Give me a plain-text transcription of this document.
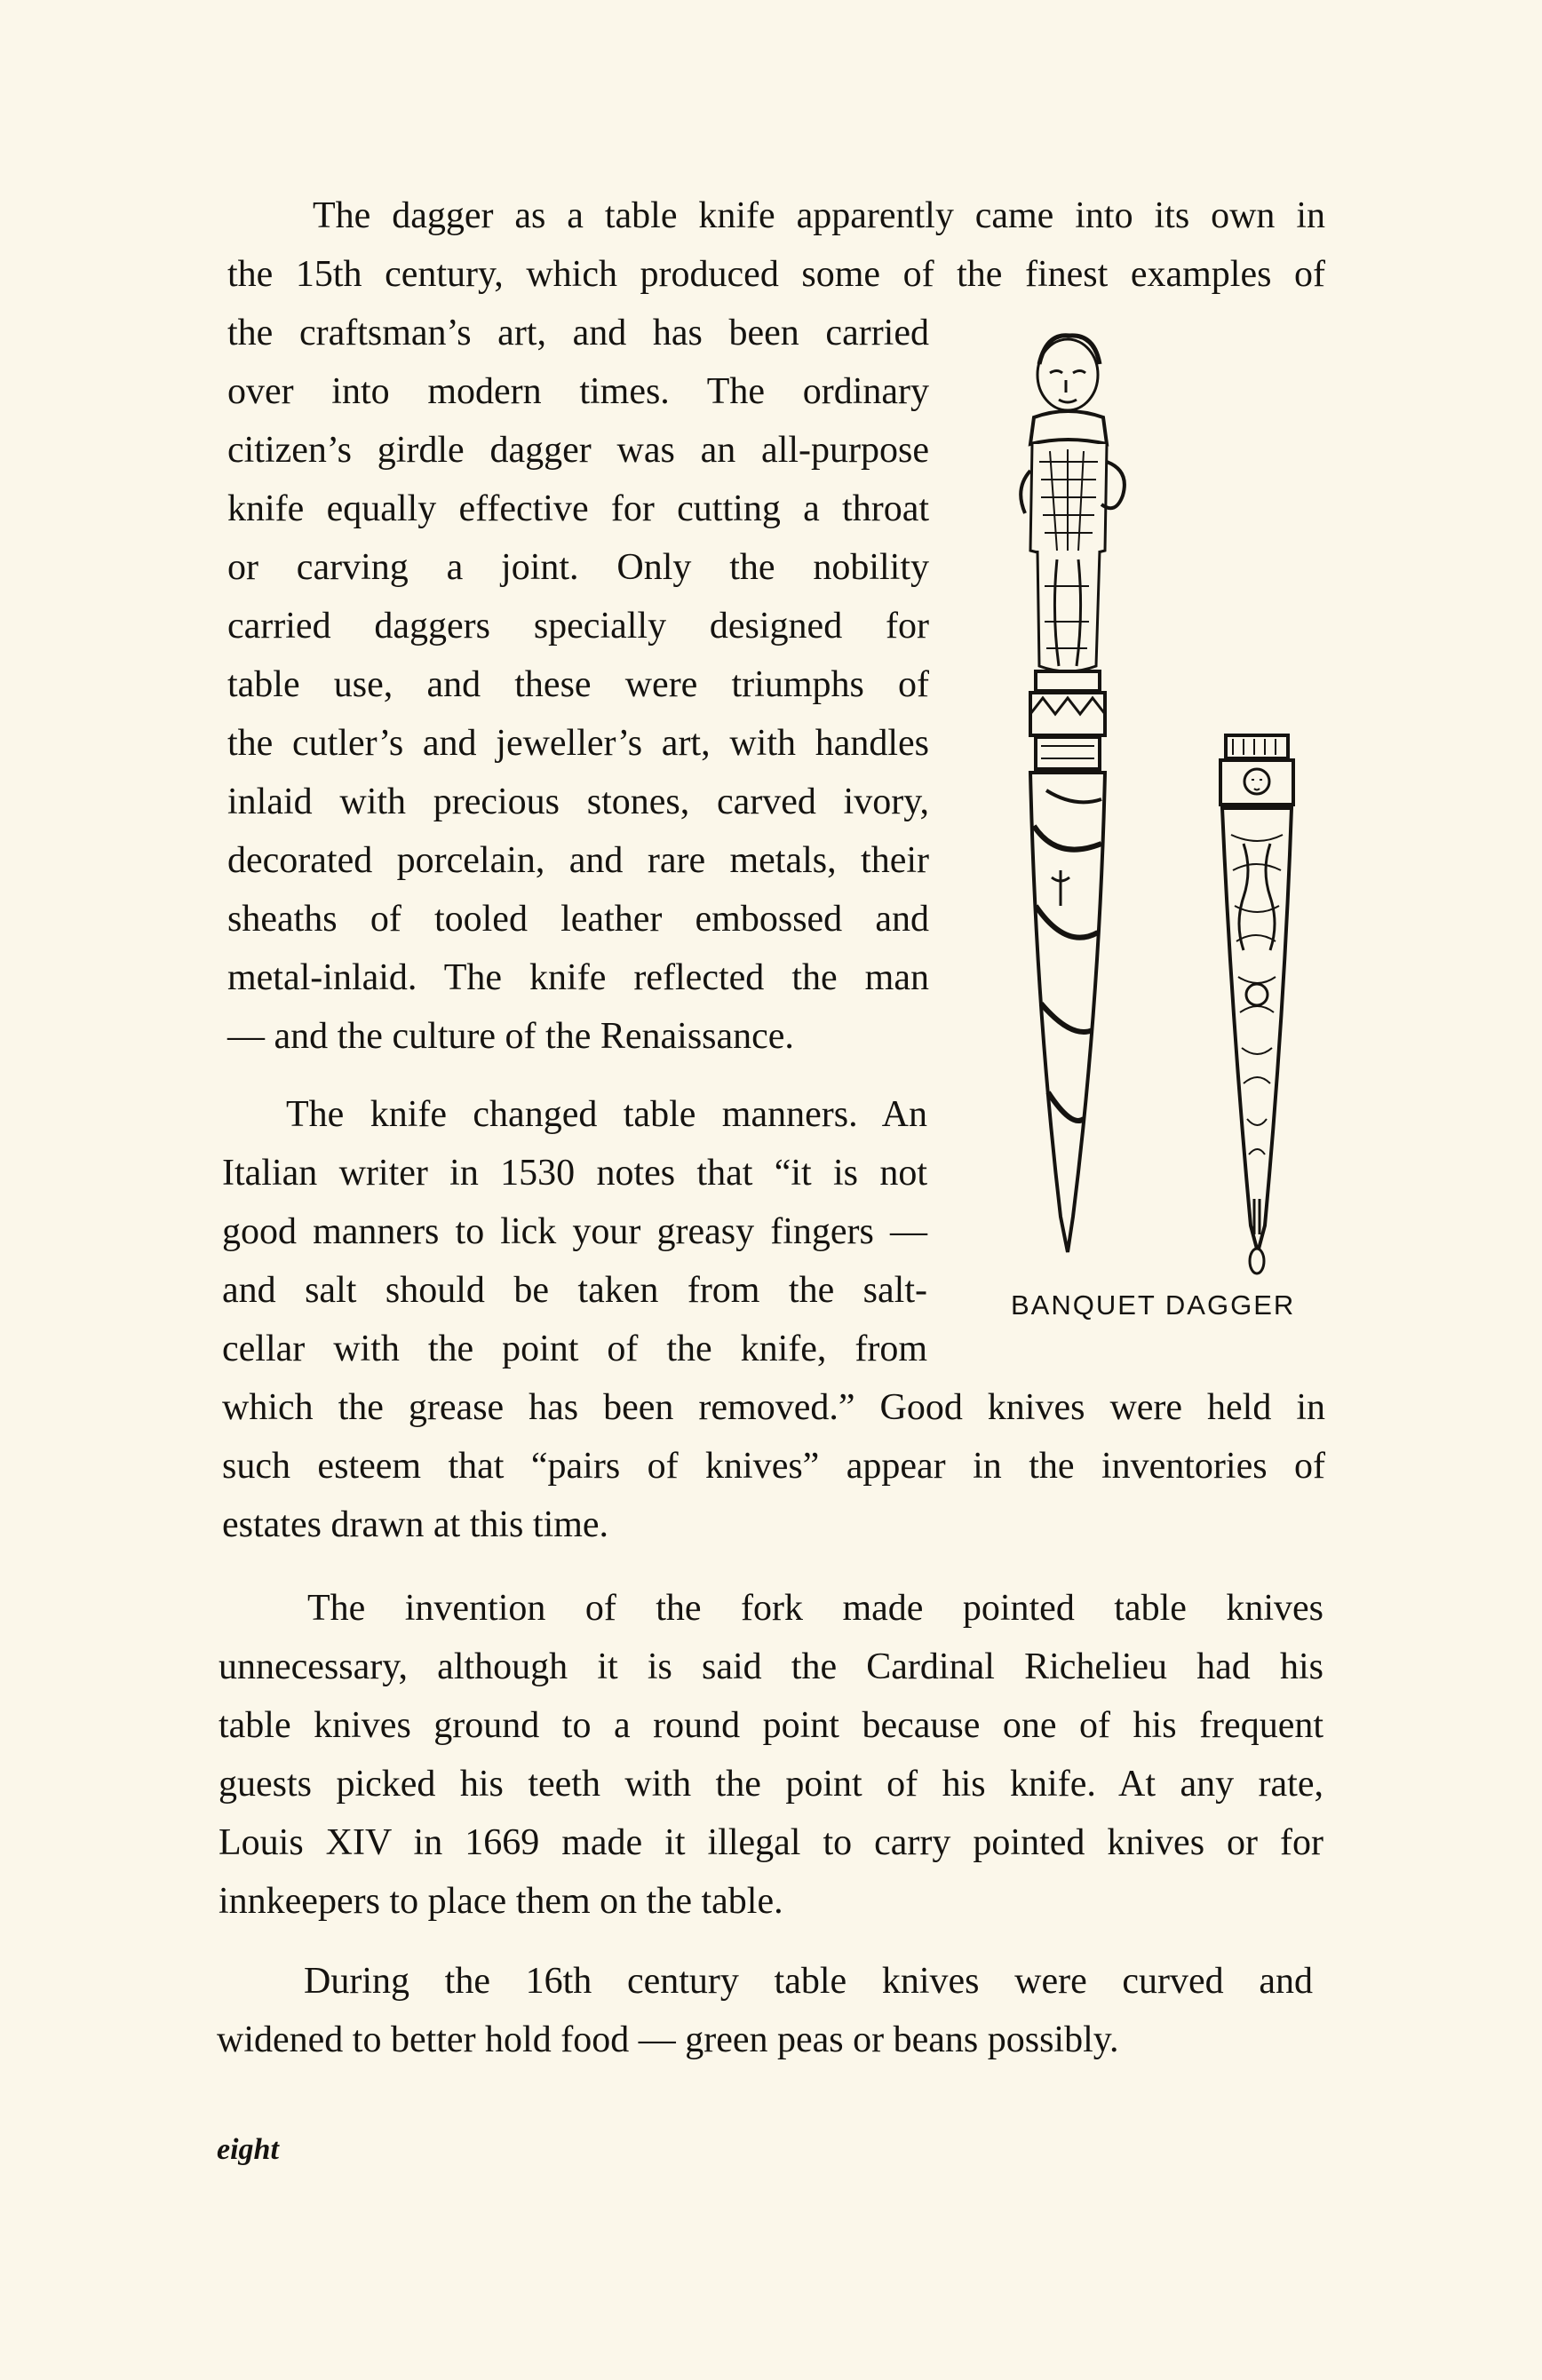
The dagger as a table knife apparently came into its own in
the 15th century, which produced some of the finest examples of
the craftsman’s art, and has been carried
over into modern times. The ordinary
citizen’s girdle dagger was an all-purpose
knife equally effective for cutting a throat
or carving a joint. Only the nobility
carried daggers specially designed for
table use, and these were triumphs of
the cutler’s and jeweller’s art, with handles
inlaid with precious stones, carved ivory,
decorated porcelain, and rare metals, their
sheaths of tooled leather embossed and
metal-inlaid. The knife reflected the man
— and the culture of the Renaissance.
The knife changed table manners. An
Italian writer in 1530 notes that “it is not
good manners to lick your greasy fingers —
and salt should be taken from the salt-
cellar with the point of the knife, from
which the grease has been removed.” Good knives were held in
such esteem that “pairs of knives” appear in the inventories of
estates drawn at this time.
The invention of the fork made pointed table knives
unnecessary, although it is said the Cardinal Richelieu had his
table knives ground to a round point because one of his frequent
guests picked his teeth with the point of his knife. At any rate,
Louis XIV in 1669 made it illegal to carry pointed knives or for
innkeepers to place them on the table.
During the 16th century table knives were curved and
widened to better hold food — green peas or beans possibly.
BANQUET DAGGER
eight
